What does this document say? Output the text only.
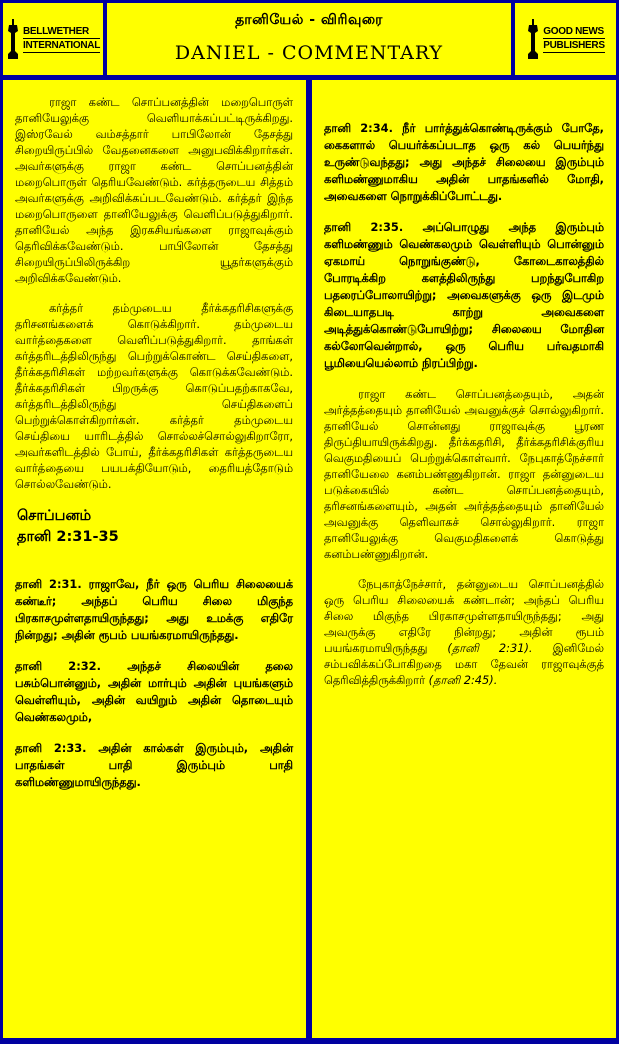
BELLWETHER
INTERNATIONAL
தானியேல் - விரிவுரை
DANIEL - COMMENTARY
GOOD NEWS
PUBLISHERS

ராஜா கண்ட சொப்பனத்தின் மறைபொருள் தானியேலுக்கு வெளியாக்கப்பட்டிருக்கிறது. இஸ்ரவேல் வம்சத்தார் பாபிலோன் தேசத்து சிறையிருப்பில் வேதனைகளை அனுபவிக்கிறார்கள். அவர்களுக்கு ராஜா கண்ட சொப்பனத்தின் மறைபொருள் தெரியவேண்டும். கர்த்தருடைய சித்தம் அவர்களுக்கு அறிவிக்கப்படவேண்டும். கர்த்தர் இந்த மறைபொருளை தானியேலுக்கு வெளிப்படுத்துகிறார். தானியேல் அந்த இரகசியங்களை ராஜாவுக்கும் தெரிவிக்கவேண்டும். பாபிலோன் தேசத்து சிறையிருப்பிலிருக்கிற யூதர்களுக்கும் அறிவிக்கவேண்டும்.

கர்த்தர் தம்முடைய தீர்க்கதரிசிகளுக்கு தரிசனங்களைக் கொடுக்கிறார். தம்முடைய வார்த்தைகளை வெளிப்படுத்துகிறார். தாங்கள் கர்த்தரிடத்திலிருந்து பெற்றுக்கொண்ட செய்திகளை, தீர்க்கதரிசிகள் மற்றவர்களுக்கு கொடுக்கவேண்டும். தீர்க்கதரிசிகள் பிறருக்கு கொடுப்பதற்காகவே, கர்த்தரிடத்திலிருந்து செய்திகளைப் பெற்றுக்கொள்கிறார்கள். கர்த்தர் தம்முடைய செய்தியை யாரிடத்தில் சொல்லச்சொல்லுகிறாரோ, அவர்களிடத்தில் போய், தீர்க்கதரிசிகள் கர்த்தருடைய வார்த்தையை பயபக்தியோடும், தைரியத்தோடும் சொல்லவேண்டும்.

சொப்பனம்
தானி 2:31-35

தானி 2:31. ராஜாவே, நீர் ஒரு பெரிய சிலையைக் கண்டீர்; அந்தப் பெரிய சிலை மிகுந்த பிரகாசமுள்ளதாயிருந்தது; அது உமக்கு எதிரே நின்றது; அதின் ரூபம் பயங்கரமாயிருந்தது.

தானி 2:32. அந்தச் சிலையின் தலை பசும்பொன்னும், அதின் மார்பும் அதின் புயங்களும் வெள்ளியும், அதின் வயிறும் அதின் தொடையும் வெண்கலமும்,

தானி 2:33. அதின் கால்கள் இரும்பும், அதின் பாதங்கள் பாதி இரும்பும் பாதி களிமண்ணுமாயிருந்தது.

தானி 2:34. நீர் பார்த்துக்கொண்டிருக்கும் போதே, கைகளால் பெயர்க்கப்படாத ஒரு கல் பெயர்ந்து உருண்டுவந்தது; அது அந்தச் சிலையை இரும்பும் களிமண்ணுமாகிய அதின் பாதங்களில் மோதி, அவைகளை நொறுக்கிப்போட்டது.

தானி 2:35. அப்பொழுது அந்த இரும்பும் களிமண்ணும் வெண்கலமும் வெள்ளியும் பொன்னும் ஏகமாய் நொறுங்குண்டு, கோடைகாலத்தில் போரடிக்கிற களத்திலிருந்து பறந்துபோகிற பதரைப்போலாயிற்று; அவைகளுக்கு ஒரு இடமும் கிடையாதபடி காற்று அவைகளை அடித்துக்கொண்டுபோயிற்று; சிலையை மோதின கல்லோவென்றால், ஒரு பெரிய பர்வதமாகி பூமியையெல்லாம் நிரப்பிற்று.

ராஜா கண்ட சொப்பனத்தையும், அதன் அர்த்தத்தையும் தானியேல் அவனுக்குச் சொல்லுகிறார். தானியேல் சொன்னது ராஜாவுக்கு பூரண திருப்தியாயிருக்கிறது. தீர்க்கதரிசி, தீர்க்கதரிசிக்குரிய வெகுமதியைப் பெற்றுக்கொள்வார். நேபுகாத்நேச்சார் தானியேலை கனம்பண்ணுகிறான். ராஜா தன்னுடைய படுக்கையில் கண்ட சொப்பனத்தையும், தரிசனங்களையும், அதன் அர்த்தத்தையும் தானியேல் அவனுக்கு தெளிவாகச் சொல்லுகிறார். ராஜா தானியேலுக்கு வெகுமதிகளைக் கொடுத்து கனம்பண்ணுகிறான்.

நேபுகாத்நேச்சார், தன்னுடைய சொப்பனத்தில் ஒரு பெரிய சிலையைக் கண்டான்; அந்தப் பெரிய சிலை மிகுந்த பிரகாசமுள்ளதாயிருந்தது; அது அவருக்கு எதிரே நின்றது; அதின் ரூபம் பயங்கரமாயிருந்தது (தானி 2:31). இனிமேல் சம்பவிக்கப்போகிறதை மகா தேவன் ராஜாவுக்குத் தெரிவித்திருக்கிறார் (தானி 2:45).
